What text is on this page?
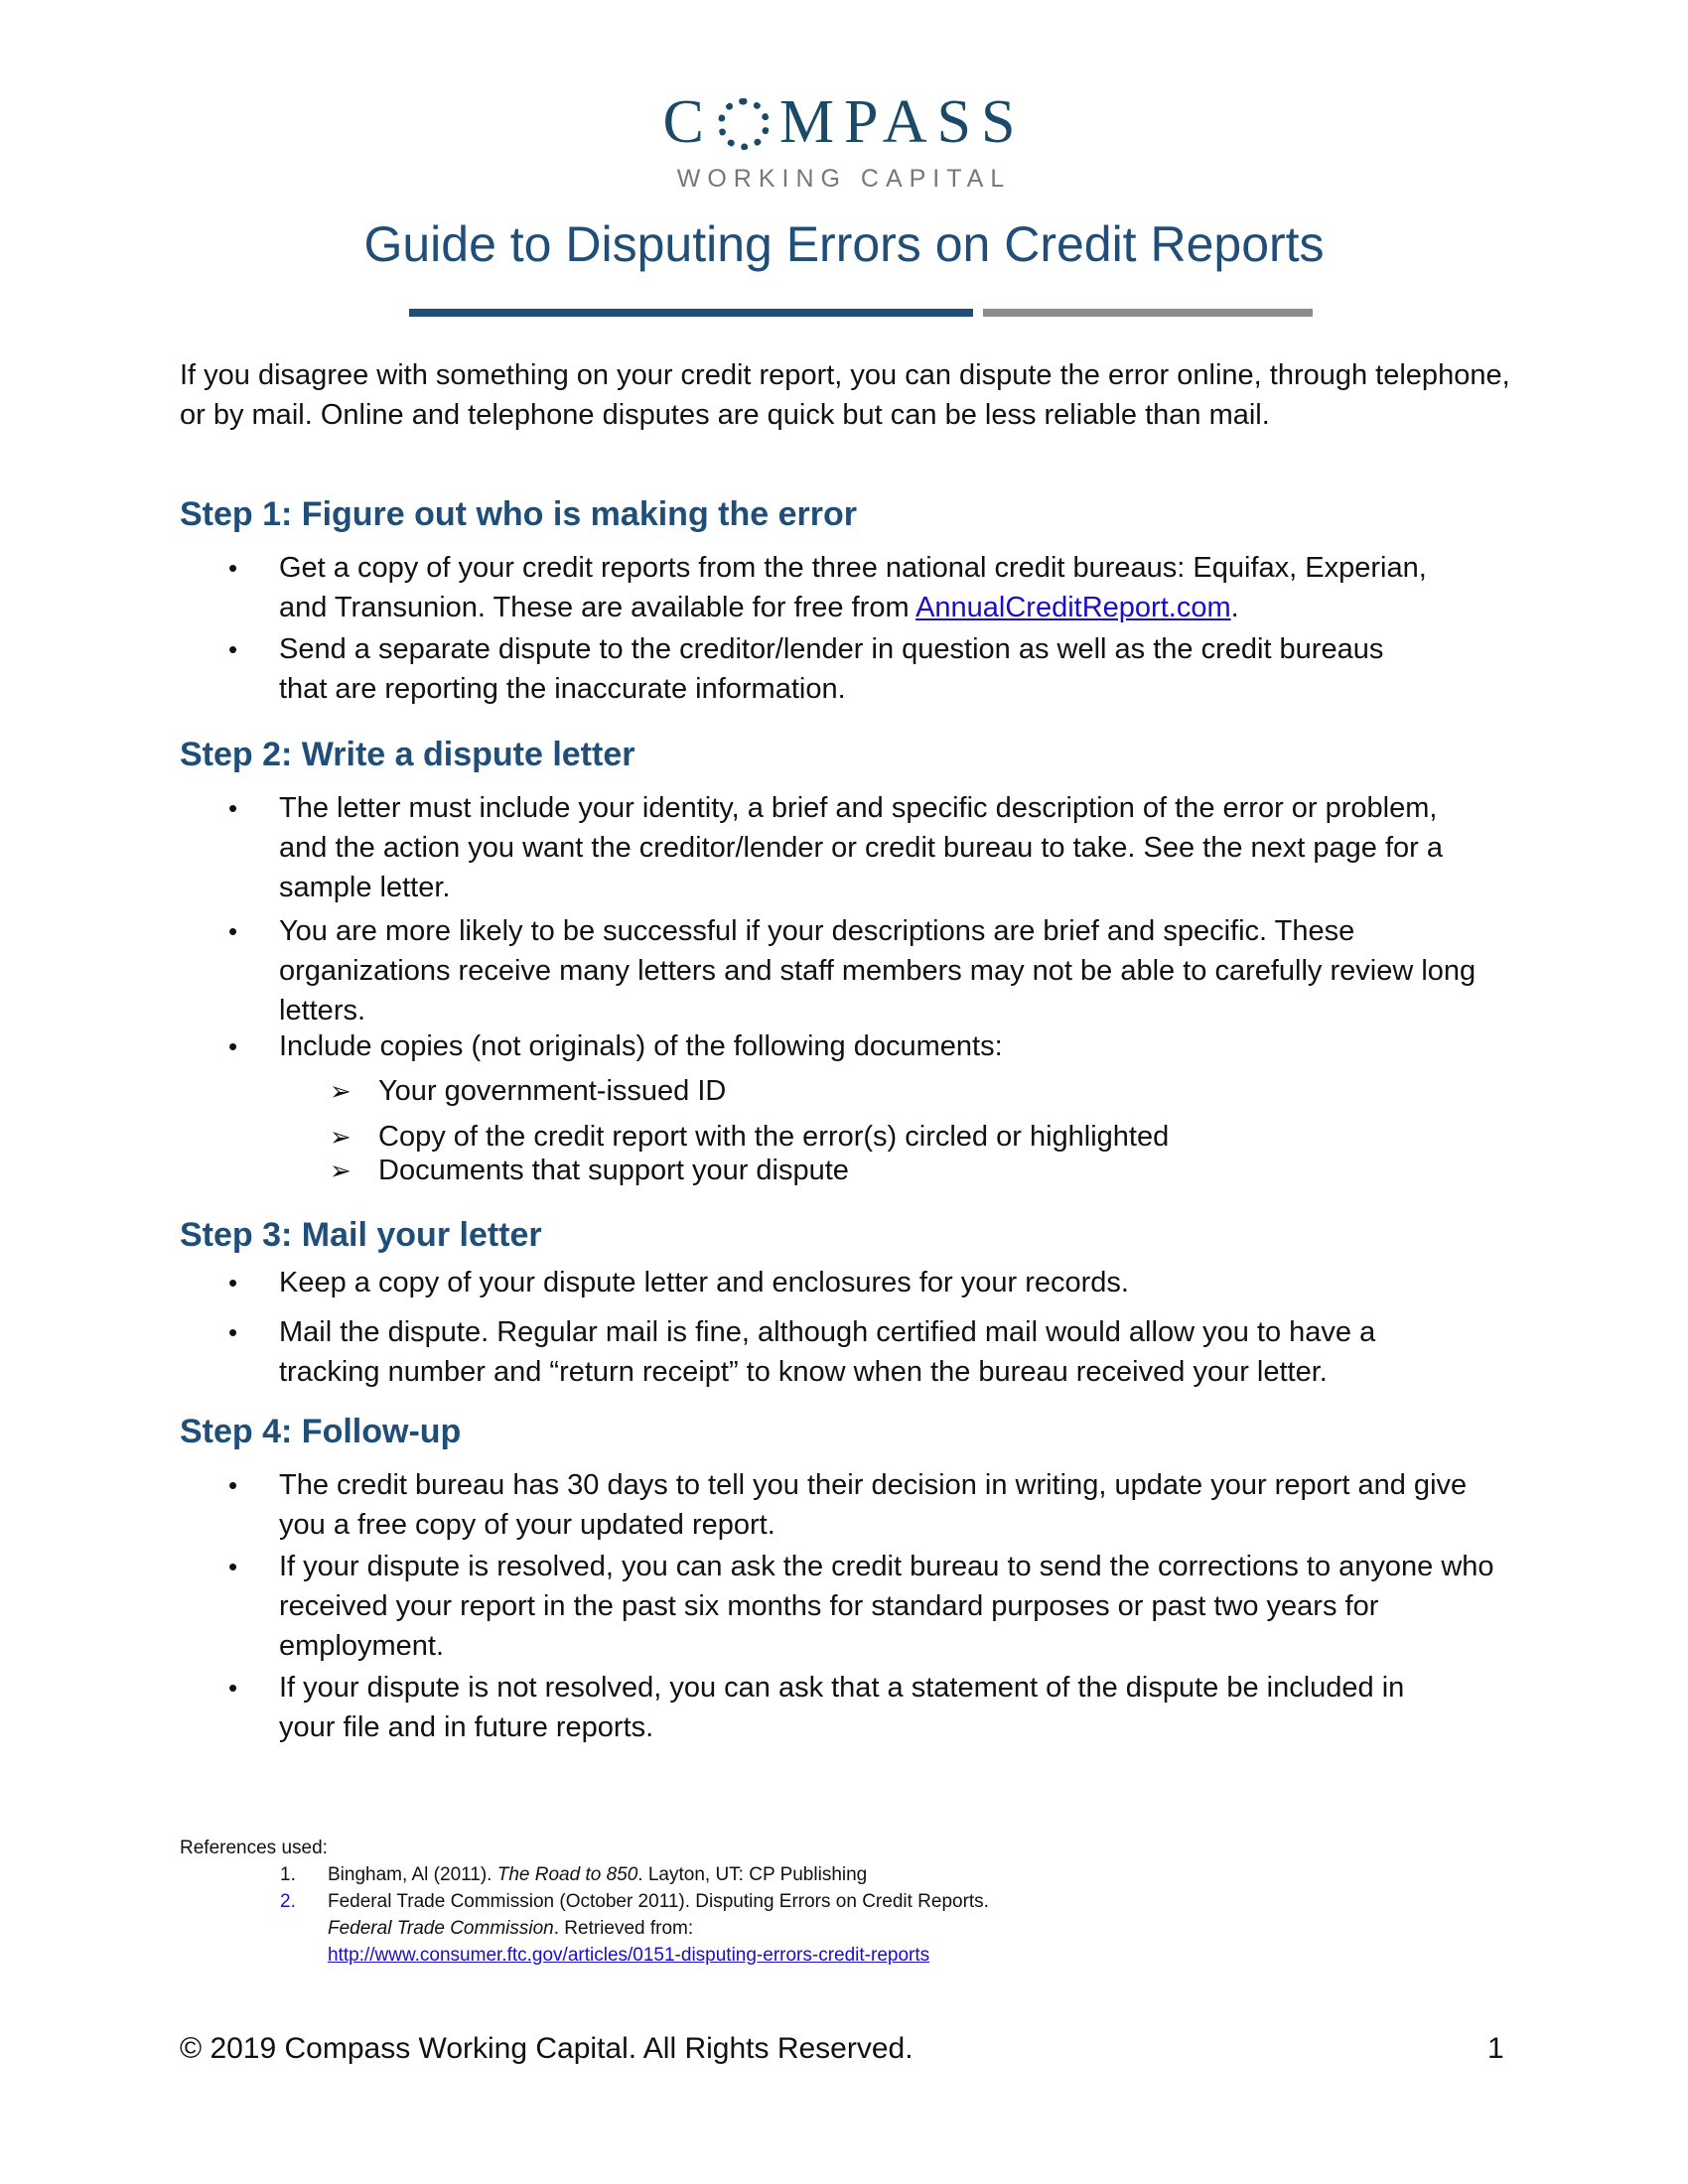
C MPASS
WORKING CAPITAL
Guide to Disputing Errors on Credit Reports

If you disagree with something on your credit report, you can dispute the error online, through telephone, or by mail. Online and telephone disputes are quick but can be less reliable than mail.

Step 1: Figure out who is making the error
• Get a copy of your credit reports from the three national credit bureaus: Equifax, Experian, and Transunion. These are available for free from AnnualCreditReport.com.
• Send a separate dispute to the creditor/lender in question as well as the credit bureaus that are reporting the inaccurate information.
Step 2: Write a dispute letter
• The letter must include your identity, a brief and specific description of the error or problem, and the action you want the creditor/lender or credit bureau to take. See the next page for a sample letter.
• You are more likely to be successful if your descriptions are brief and specific. These organizations receive many letters and staff members may not be able to carefully review long letters.
• Include copies (not originals) of the following documents:
➢ Your government-issued ID
➢ Copy of the credit report with the error(s) circled or highlighted
➢ Documents that support your dispute
Step 3: Mail your letter
• Keep a copy of your dispute letter and enclosures for your records.
• Mail the dispute. Regular mail is fine, although certified mail would allow you to have a tracking number and “return receipt” to know when the bureau received your letter.
Step 4: Follow-up
• The credit bureau has 30 days to tell you their decision in writing, update your report and give you a free copy of your updated report.
• If your dispute is resolved, you can ask the credit bureau to send the corrections to anyone who received your report in the past six months for standard purposes or past two years for employment.
• If your dispute is not resolved, you can ask that a statement of the dispute be included in your file and in future reports.
References used:
1. Bingham, Al (2011). The Road to 850. Layton, UT: CP Publishing
2. Federal Trade Commission (October 2011). Disputing Errors on Credit Reports.
Federal Trade Commission. Retrieved from:
http://www.consumer.ftc.gov/articles/0151-disputing-errors-credit-reports
© 2019 Compass Working Capital. All Rights Reserved.	1
